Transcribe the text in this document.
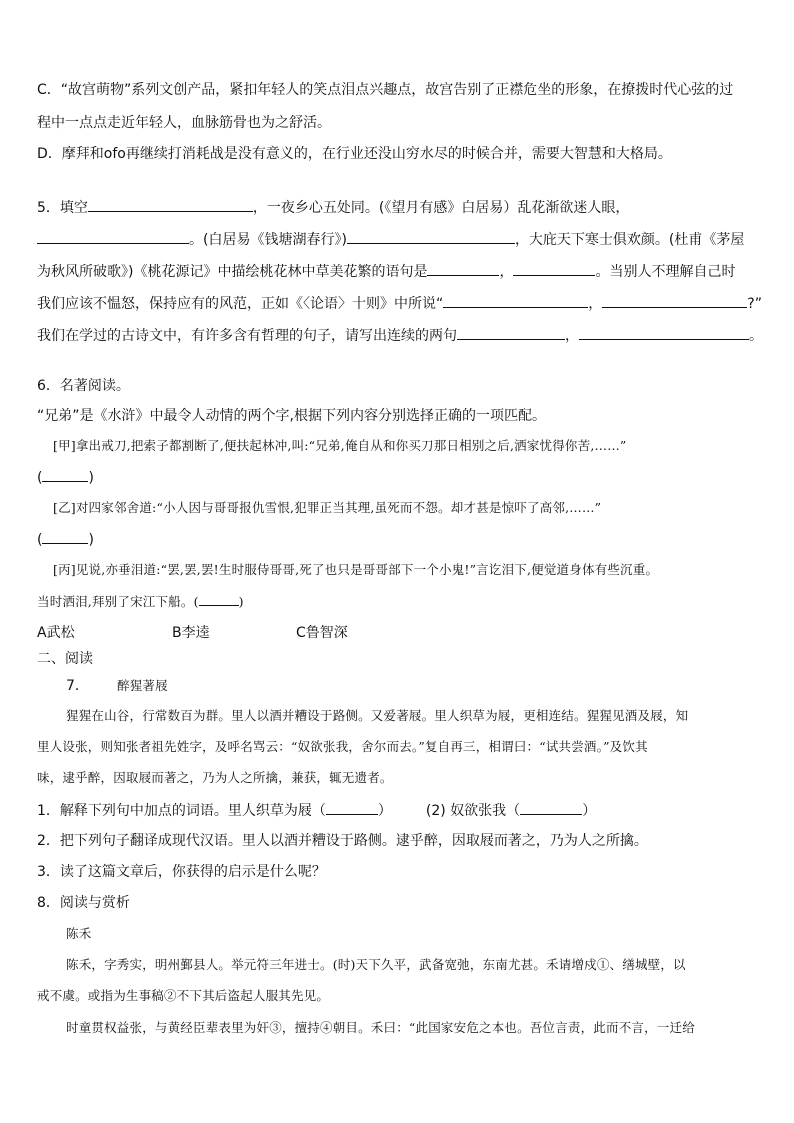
C．“故宫萌物”系列文创产品，紧扣年轻人的笑点泪点兴趣点，故宫告别了正襟危坐的形象，在撩拨时代心弦的过
程中一点点走近年轻人，血脉筋骨也为之舒活。
D．摩拜和ofo再继续打消耗战是没有意义的，在行业还没山穷水尽的时候合并，需要大智慧和大格局。
5．填空	，一夜乡心五处同。(《望月有感》白居易）乱花渐欲迷人眼，
。(白居易《钱塘湖春行》)	，大庇天下寒士俱欢颜。(杜甫《茅屋
为秋风所破歌》)《桃花源记》中描绘桃花林中草美花繁的语句是	，	。当别人不理解自己时
我们应该不愠怒，保持应有的风范，正如《〈论语〉十则》中所说“	，	?”
我们在学过的古诗文中，有许多含有哲理的句子，请写出连续的两句	，	。
6．名著阅读。
“兄弟”是《水浒》中最令人动情的两个字,根据下列内容分别选择正确的一项匹配。
[甲]拿出戒刀,把索子都割断了,便扶起林冲,叫:“兄弟,俺自从和你买刀那日相别之后,洒家忧得你苦,……”
(	)
[乙]对四家邻舍道:“小人因与哥哥报仇雪恨,犯罪正当其理,虽死而不怨。却才甚是惊吓了高邻,……”
(	)
[丙]见说,亦垂泪道:“罢,罢,罢!生时服侍哥哥,死了也只是哥哥部下一个小鬼!”言讫泪下,便觉道身体有些沉重。
当时洒泪,拜别了宋江下船。(	)
A武松	B李逵	C鲁智深
二、阅读
7． 醉猩著屐
猩猩在山谷，行常数百为群。里人以酒并糟设于路侧。又爱著屐。里人织草为屐，更相连结。猩猩见酒及屐，知
里人设张，则知张者祖先姓字，及呼名骂云：“奴欲张我，舍尔而去。”复自再三，相谓曰：“试共尝酒。”及饮其
味，逮乎醉，因取屐而著之，乃为人之所擒，兼获，辄无遗者。
1．解释下列句中加点的词语。里人织草为屐（	） (2) 奴欲张我（	）
2．把下列句子翻译成现代汉语。里人以酒并糟设于路侧。逮乎醉，因取屐而著之，乃为人之所擒。
3．读了这篇文章后，你获得的启示是什么呢？
8．阅读与赏析
陈禾
陈禾，字秀实，明州鄞县人。举元符三年进士。(时)天下久平，武备宽弛，东南尤甚。禾请增戍①、缮城壁，以
戒不虞。或指为生事稿②不下其后盗起人服其先见。
时童贯权益张，与黄经臣辈表里为奸③，擅持④朝目。禾曰：“此国家安危之本也。吾位言责，此而不言，一迁给
